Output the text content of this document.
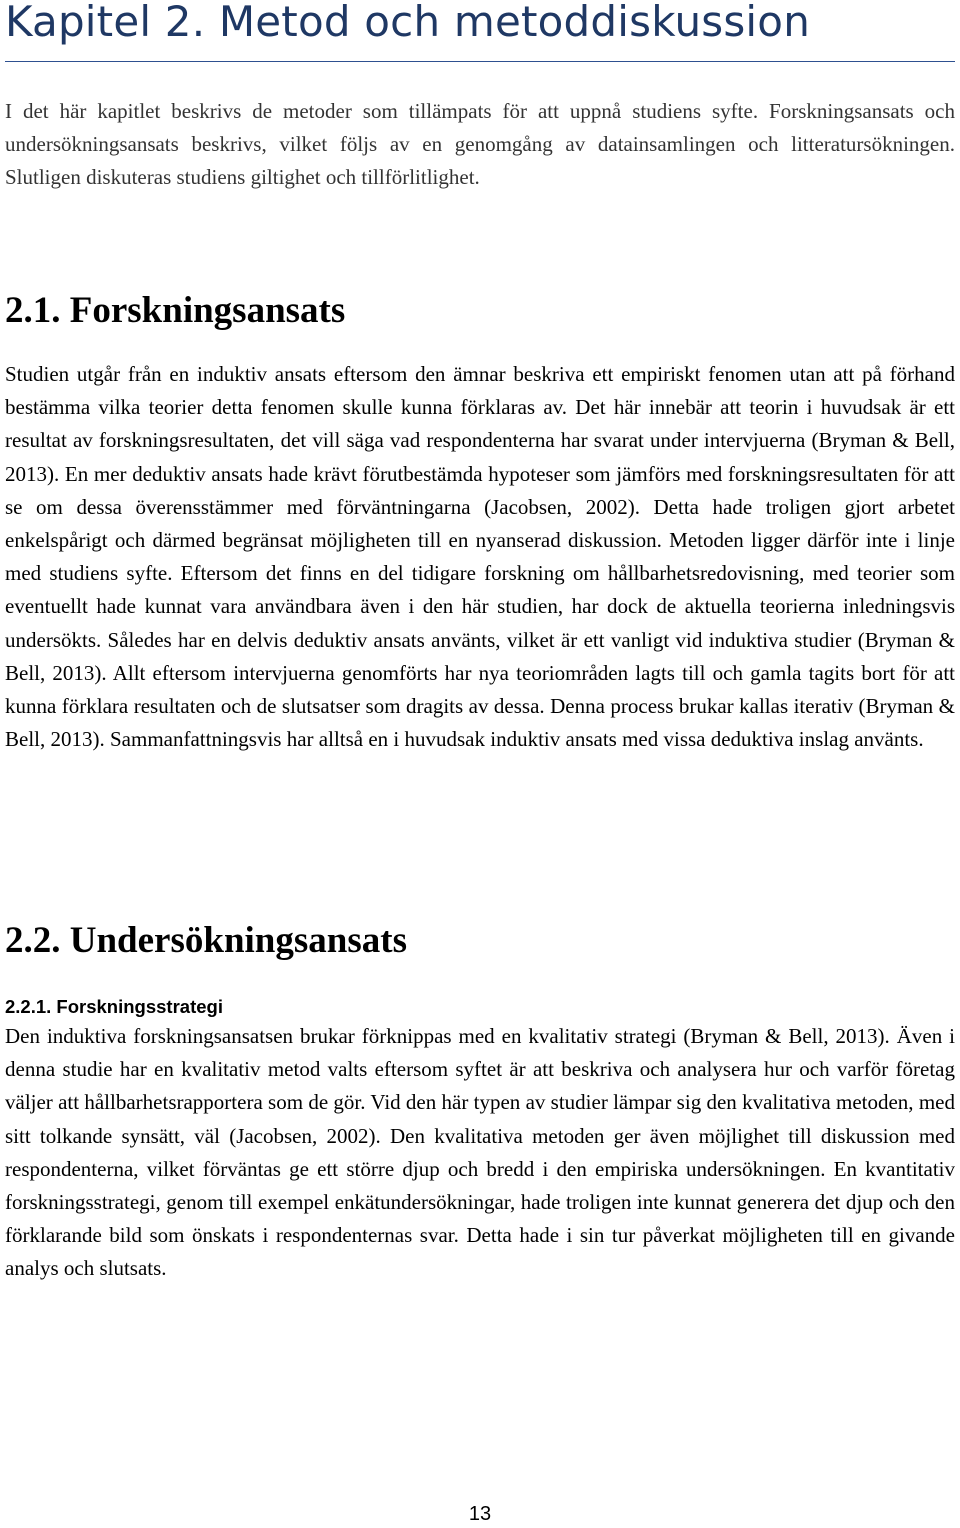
Kapitel 2. Metod och metoddiskussion

I det här kapitlet beskrivs de metoder som tillämpats för att uppnå studiens syfte. Forskningsansats och undersökningsansats beskrivs, vilket följs av en genomgång av datainsamlingen och litteratursökningen. Slutligen diskuteras studiens giltighet och tillförlitlighet.

2.1. Forskningsansats

Studien utgår från en induktiv ansats eftersom den ämnar beskriva ett empiriskt fenomen utan att på förhand bestämma vilka teorier detta fenomen skulle kunna förklaras av. Det här innebär att teorin i huvudsak är ett resultat av forskningsresultaten, det vill säga vad respondenterna har svarat under intervjuerna (Bryman & Bell, 2013). En mer deduktiv ansats hade krävt förutbestämda hypoteser som jämförs med forskningsresultaten för att se om dessa överensstämmer med förväntningarna (Jacobsen, 2002). Detta hade troligen gjort arbetet enkelspårigt och därmed begränsat möjligheten till en nyanserad diskussion. Metoden ligger därför inte i linje med studiens syfte. Eftersom det finns en del tidigare forskning om hållbarhetsredovisning, med teorier som eventuellt hade kunnat vara användbara även i den här studien, har dock de aktuella teorierna inledningsvis undersökts. Således har en delvis deduktiv ansats använts, vilket är ett vanligt vid induktiva studier (Bryman & Bell, 2013). Allt eftersom intervjuerna genomförts har nya teoriområden lagts till och gamla tagits bort för att kunna förklara resultaten och de slutsatser som dragits av dessa. Denna process brukar kallas iterativ (Bryman & Bell, 2013). Sammanfattningsvis har alltså en i huvudsak induktiv ansats med vissa deduktiva inslag använts.

2.2. Undersökningsansats
2.2.1. Forskningsstrategi

Den induktiva forskningsansatsen brukar förknippas med en kvalitativ strategi (Bryman & Bell, 2013). Även i denna studie har en kvalitativ metod valts eftersom syftet är att beskriva och analysera hur och varför företag väljer att hållbarhetsrapportera som de gör. Vid den här typen av studier lämpar sig den kvalitativa metoden, med sitt tolkande synsätt, väl (Jacobsen, 2002). Den kvalitativa metoden ger även möjlighet till diskussion med respondenterna, vilket förväntas ge ett större djup och bredd i den empiriska undersökningen. En kvantitativ forskningsstrategi, genom till exempel enkätundersökningar, hade troligen inte kunnat generera det djup och den förklarande bild som önskats i respondenternas svar. Detta hade i sin tur påverkat möjligheten till en givande analys och slutsats.

13
